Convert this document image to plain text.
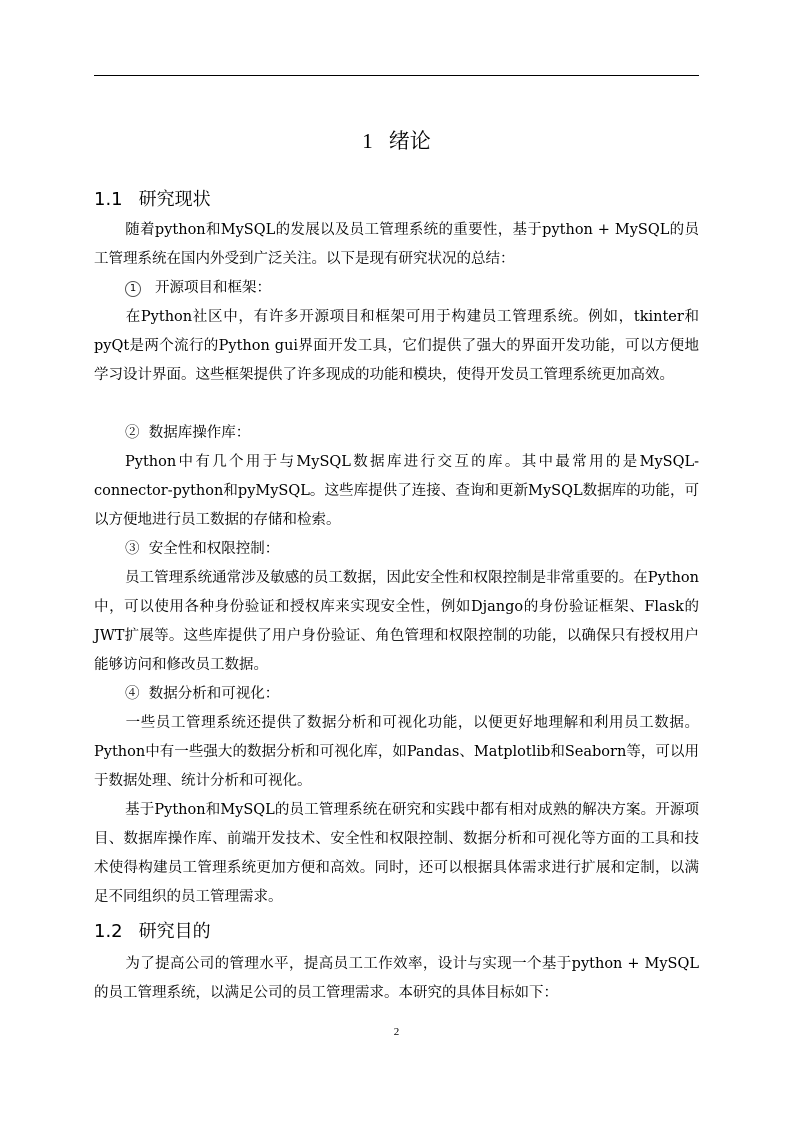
1 绪论
1.1 研究现状
随着python和MySQL的发展以及员工管理系统的重要性，基于python + MySQL的员工管理系统在国内外受到广泛关注。以下是现有研究状况的总结：
1 开源项目和框架：
在Python社区中，有许多开源项目和框架可用于构建员工管理系统。例如，tkinter和pyQt是两个流行的Python gui界面开发工具，它们提供了强大的界面开发功能，可以方便地学习设计界面。这些框架提供了许多现成的功能和模块，使得开发员工管理系统更加高效。
② 数据库操作库：
Python中有几个用于与MySQL数据库进行交互的库。其中最常用的是MySQL-connector-python和pyMySQL。这些库提供了连接、查询和更新MySQL数据库的功能，可以方便地进行员工数据的存储和检索。
③ 安全性和权限控制：
员工管理系统通常涉及敏感的员工数据，因此安全性和权限控制是非常重要的。在Python中，可以使用各种身份验证和授权库来实现安全性，例如Django的身份验证框架、Flask的JWT扩展等。这些库提供了用户身份验证、角色管理和权限控制的功能，以确保只有授权用户能够访问和修改员工数据。
④ 数据分析和可视化：
一些员工管理系统还提供了数据分析和可视化功能，以便更好地理解和利用员工数据。Python中有一些强大的数据分析和可视化库，如Pandas、Matplotlib和Seaborn等，可以用于数据处理、统计分析和可视化。
基于Python和MySQL的员工管理系统在研究和实践中都有相对成熟的解决方案。开源项目、数据库操作库、前端开发技术、安全性和权限控制、数据分析和可视化等方面的工具和技术使得构建员工管理系统更加方便和高效。同时，还可以根据具体需求进行扩展和定制，以满足不同组织的员工管理需求。
1.2 研究目的
为了提高公司的管理水平，提高员工工作效率，设计与实现一个基于python + MySQL的员工管理系统，以满足公司的员工管理需求。本研究的具体目标如下：
2
